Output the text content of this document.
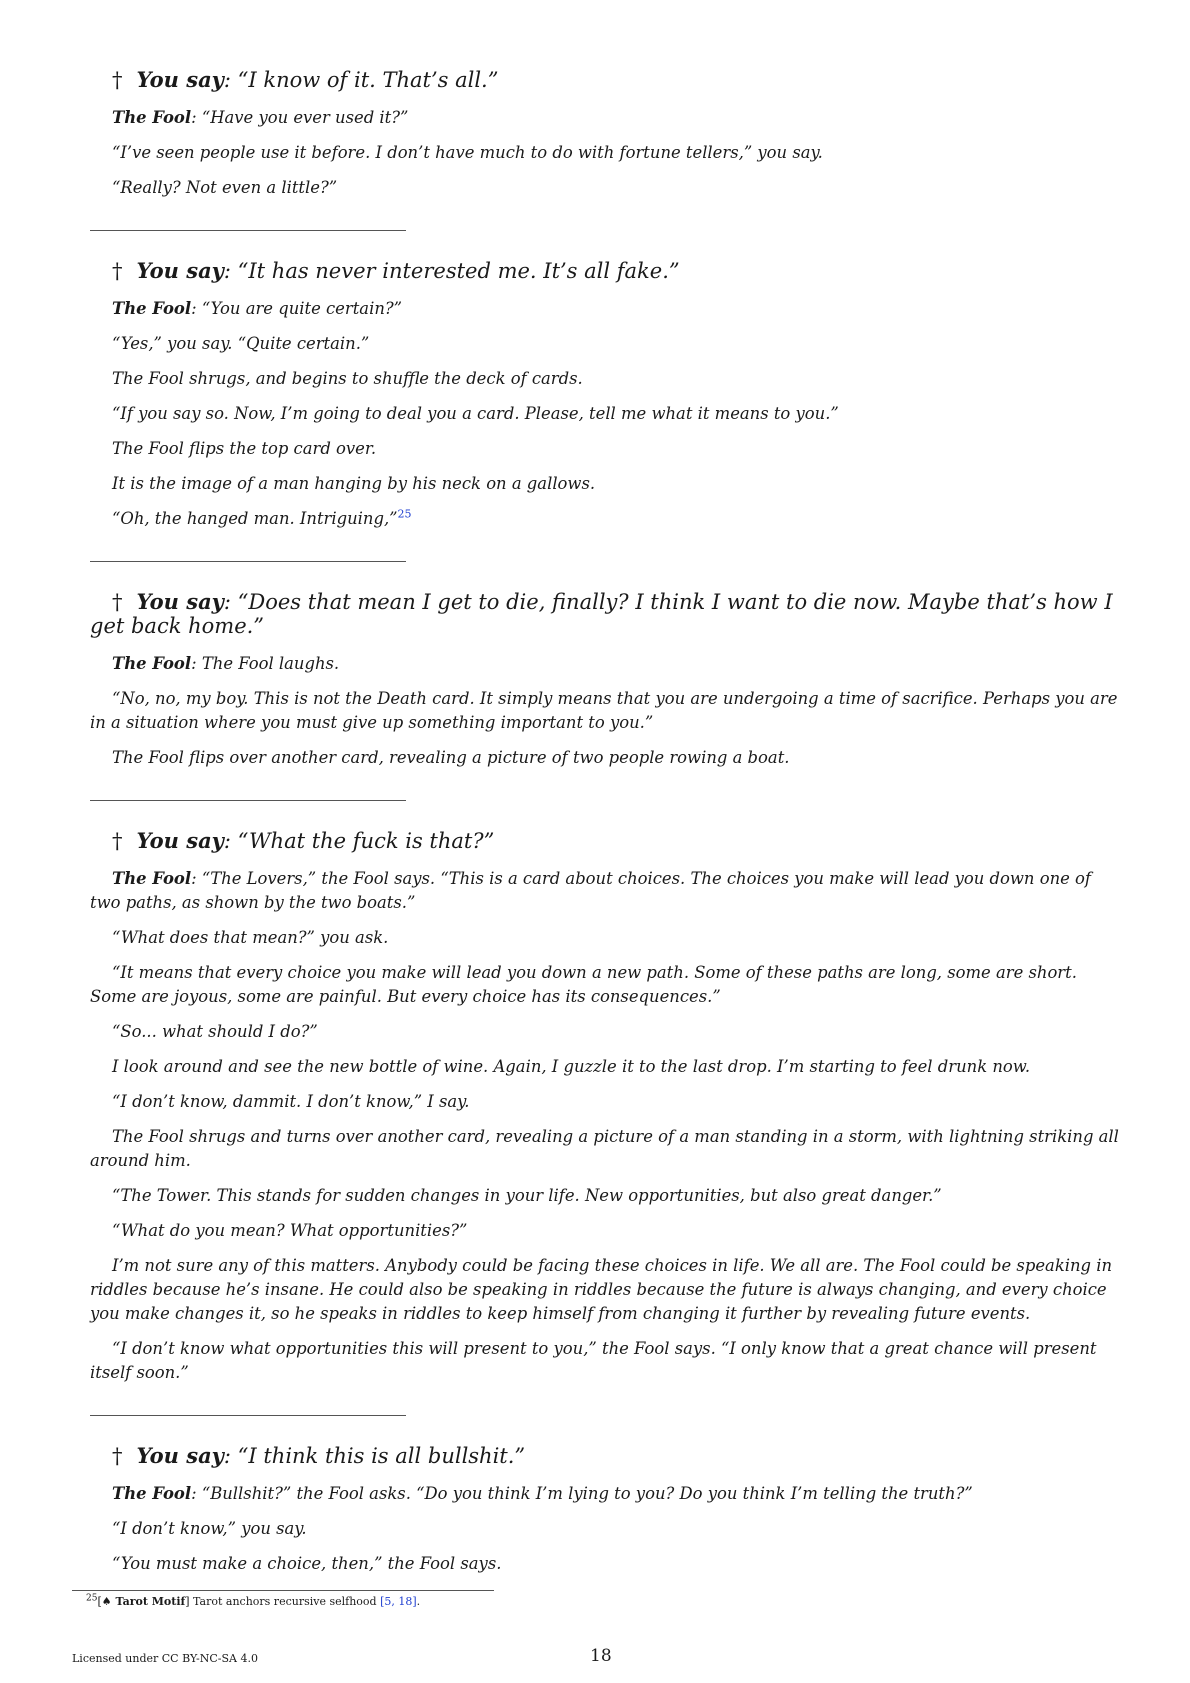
† You say: “I know of it. That’s all.”

The Fool: “Have you ever used it?”

“I’ve seen people use it before. I don’t have much to do with fortune tellers,” you say.

“Really? Not even a little?”

† You say: “It has never interested me. It’s all fake.”

The Fool: “You are quite certain?”

“Yes,” you say. “Quite certain.”

The Fool shrugs, and begins to shuffle the deck of cards.

“If you say so. Now, I’m going to deal you a card. Please, tell me what it means to you.”

The Fool flips the top card over.

It is the image of a man hanging by his neck on a gallows.

“Oh, the hanged man. Intriguing,”$^{25}$

† You say: “Does that mean I get to die, finally? I think I want to die now. Maybe that’s how I get back home.”

The Fool: The Fool laughs.

“No, no, my boy. This is not the Death card. It simply means that you are undergoing a time of sacrifice. Perhaps you are in a situation where you must give up something important to you.”

The Fool flips over another card, revealing a picture of two people rowing a boat.

† You say: “What the fuck is that?”

The Fool: “The Lovers,” the Fool says. “This is a card about choices. The choices you make will lead you down one of two paths, as shown by the two boats.”

“What does that mean?” you ask.

“It means that every choice you make will lead you down a new path. Some of these paths are long, some are short. Some are joyous, some are painful. But every choice has its consequences.”

“So... what should I do?”

I look around and see the new bottle of wine. Again, I guzzle it to the last drop. I’m starting to feel drunk now.

“I don’t know, dammit. I don’t know,” I say.

The Fool shrugs and turns over another card, revealing a picture of a man standing in a storm, with lightning striking all around him.

“The Tower. This stands for sudden changes in your life. New opportunities, but also great danger.”

“What do you mean? What opportunities?”

I’m not sure any of this matters. Anybody could be facing these choices in life. We all are. The Fool could be speaking in riddles because he’s insane. He could also be speaking in riddles because the future is always changing, and every choice you make changes it, so he speaks in riddles to keep himself from changing it further by revealing future events.

“I don’t know what opportunities this will present to you,” the Fool says. “I only know that a great chance will present itself soon.”

† You say: “I think this is all bullshit.”

The Fool: “Bullshit?” the Fool asks. “Do you think I’m lying to you? Do you think I’m telling the truth?”

“I don’t know,” you say.

“You must make a choice, then,” the Fool says.

$^{25}$[♠ Tarot Motif] Tarot anchors recursive selfhood [5, 18].
Licensed under CC BY-NC-SA 4.0	18
